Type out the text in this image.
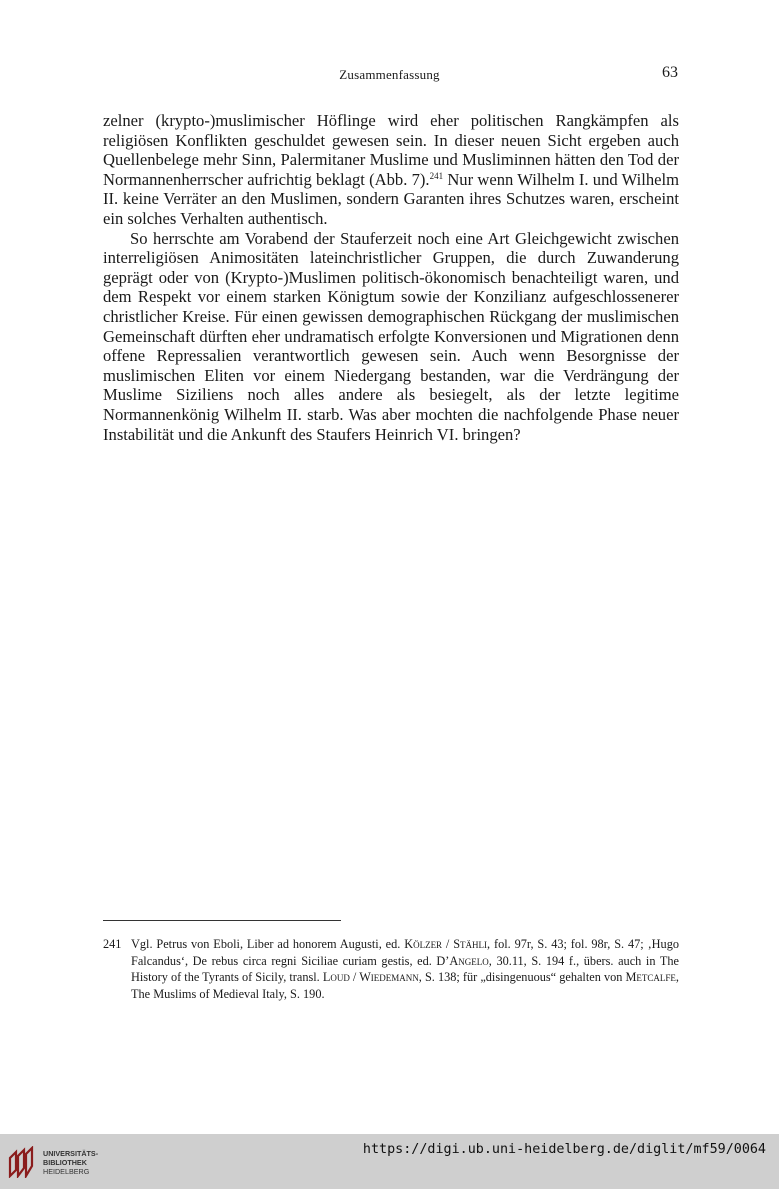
Zusammenfassung	63

zelner (krypto-)muslimischer Höflinge wird eher politischen Rangkämpfen als religiösen Konflikten geschuldet gewesen sein. In dieser neuen Sicht ergeben auch Quellenbelege mehr Sinn, Palermitaner Muslime und Musliminnen hätten den Tod der Normannenherrscher aufrichtig beklagt (Abb. 7).$^{241}$ Nur wenn Wilhelm I. und Wilhelm II. keine Verräter an den Muslimen, sondern Garanten ihres Schutzes waren, erscheint ein solches Verhalten authentisch.

So herrschte am Vorabend der Stauferzeit noch eine Art Gleichgewicht zwischen interreligiösen Animositäten lateinchristlicher Gruppen, die durch Zuwanderung geprägt oder von (Krypto-)Muslimen politisch-ökonomisch benachteiligt waren, und dem Respekt vor einem starken Königtum sowie der Konzilianz aufgeschlossenerer christlicher Kreise. Für einen gewissen demographischen Rückgang der muslimischen Gemeinschaft dürften eher undramatisch erfolgte Konversionen und Migrationen denn offene Repressalien verantwortlich gewesen sein. Auch wenn Besorgnisse der muslimischen Eliten vor einem Niedergang bestanden, war die Verdrängung der Muslime Siziliens noch alles andere als besiegelt, als der letzte legitime Normannenkönig Wilhelm II. starb. Was aber mochten die nachfolgende Phase neuer Instabilität und die Ankunft des Staufers Heinrich VI. bringen?

241 Vgl. Petrus von Eboli, Liber ad honorem Augusti, ed. Kölzer / Stähli, fol. 97r, S. 43; fol. 98r, S. 47; ‚Hugo Falcandus‘, De rebus circa regni Siciliae curiam gestis, ed. D’Angelo, 30.11, S. 194 f., übers. auch in The History of the Tyrants of Sicily, transl. Loud / Wiedemann, S. 138; für „disingenuous“ gehalten von Metcalfe, The Muslims of Medieval Italy, S. 190.
UNIVERSITÄTS-
BIBLIOTHEK
HEIDELBERG
https://digi.ub.uni-heidelberg.de/diglit/mf59/0064
